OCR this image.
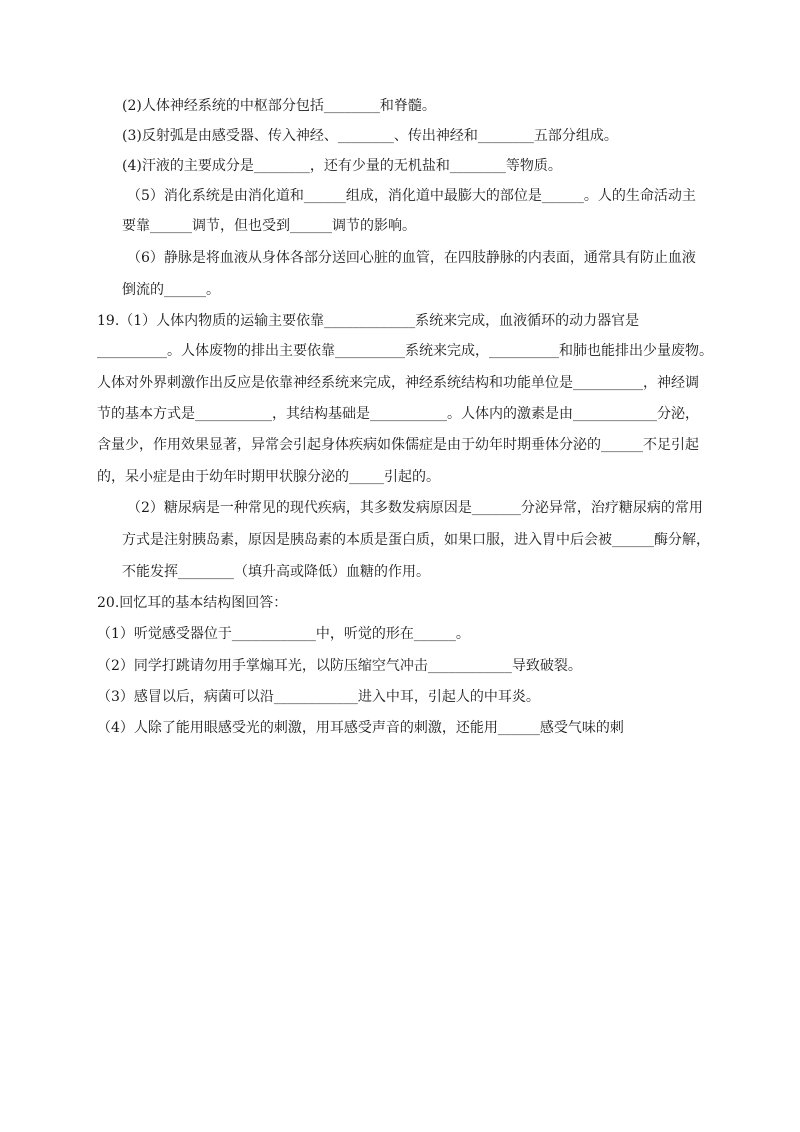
(2)人体神经系统的中枢部分包括________和脊髓。
(3)反射弧是由感受器、传入神经、________、传出神经和________五部分组成。
(4)汗液的主要成分是________，还有少量的无机盐和________等物质。
（5）消化系统是由消化道和______组成，消化道中最膨大的部位是______。人的生命活动主
要靠______调节，但也受到______调节的影响。
（6）静脉是将血液从身体各部分送回心脏的血管，在四肢静脉的内表面，通常具有防止血液
倒流的______。
19.（1）人体内物质的运输主要依靠_____________系统来完成，血液循环的动力器官是
__________。人体废物的排出主要依靠__________系统来完成，__________和肺也能排出少量废物。
人体对外界刺激作出反应是依靠神经系统来完成，神经系统结构和功能单位是__________，神经调
节的基本方式是___________，其结构基础是___________。人体内的激素是由____________分泌，
含量少，作用效果显著，异常会引起身体疾病如侏儒症是由于幼年时期垂体分泌的______不足引起
的，呆小症是由于幼年时期甲状腺分泌的_____引起的。
（2）糖尿病是一种常见的现代疾病，其多数发病原因是_______分泌异常，治疗糖尿病的常用
方式是注射胰岛素，原因是胰岛素的本质是蛋白质，如果口服，进入胃中后会被______酶分解，
不能发挥________（填升高或降低）血糖的作用。
20.回忆耳的基本结构图回答：
（1）听觉感受器位于____________中，听觉的形在______。
（2）同学打跳请勿用手掌煽耳光，以防压缩空气冲击____________导致破裂。
（3）感冒以后，病菌可以沿____________进入中耳，引起人的中耳炎。
（4）人除了能用眼感受光的刺激，用耳感受声音的刺激，还能用______感受气味的刺
